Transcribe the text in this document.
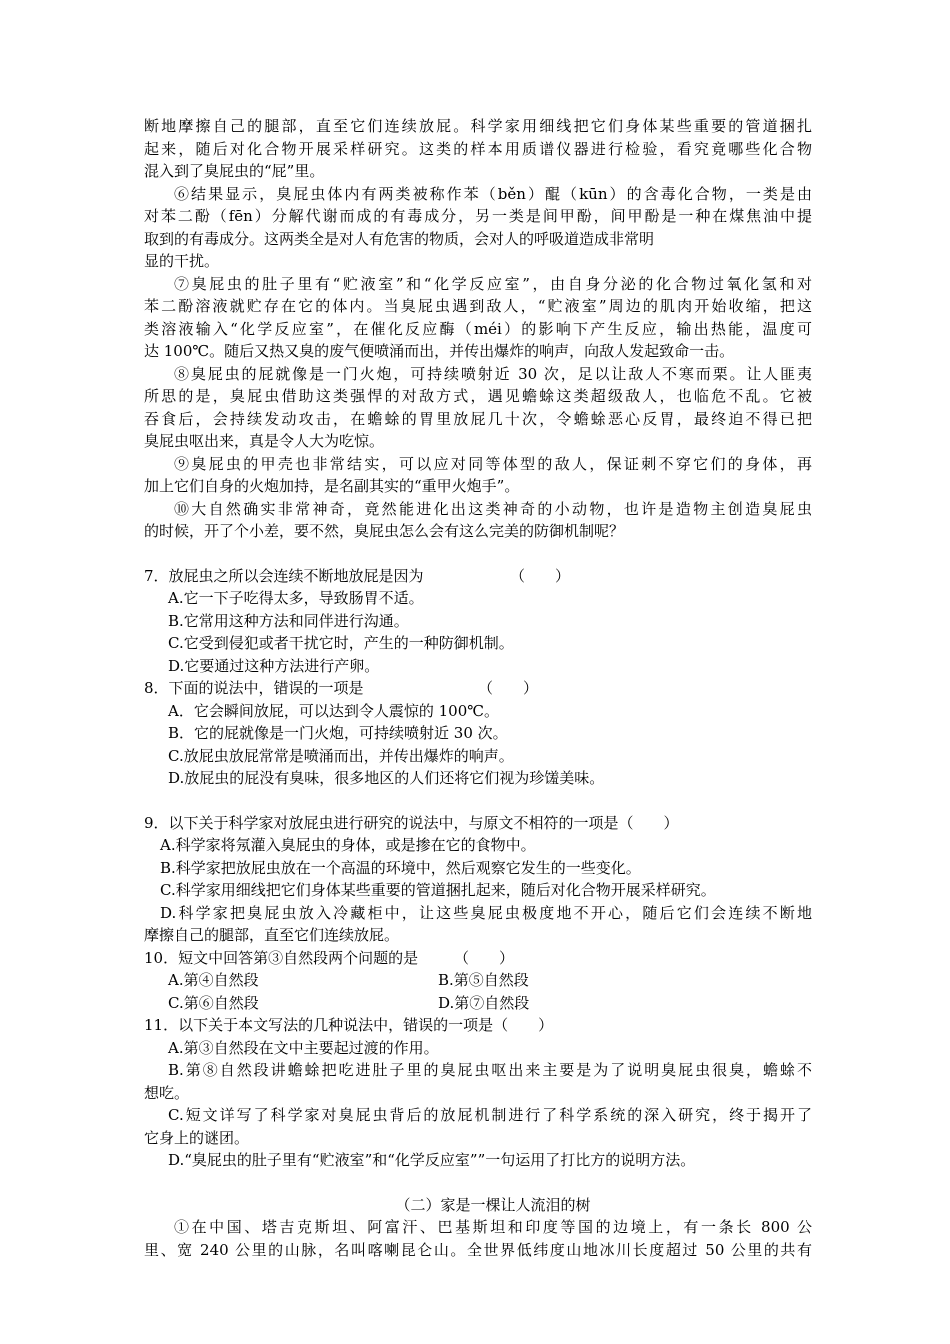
断地摩擦自己的腿部，直至它们连续放屁。科学家用细线把它们身体某些重要的管道捆扎
起来，随后对化合物开展采样研究。这类的样本用质谱仪器进行检验，看究竟哪些化合物
混入到了臭屁虫的“屁”里。
⑥结果显示，臭屁虫体内有两类被称作苯（běn）醌（kūn）的含毒化合物，一类是由
对苯二酚（fēn）分解代谢而成的有毒成分，另一类是间甲酚，间甲酚是一种在煤焦油中提
取到的有毒成分。这两类全是对人有危害的物质，会对人的呼吸道造成非常明
显的干扰。
⑦臭屁虫的肚子里有“贮液室”和“化学反应室”，由自身分泌的化合物过氧化氢和对
苯二酚溶液就贮存在它的体内。当臭屁虫遇到敌人，“贮液室”周边的肌肉开始收缩，把这
类溶液输入“化学反应室”，在催化反应酶（méi）的影响下产生反应，输出热能，温度可
达 100℃。随后又热又臭的废气便喷涌而出，并传出爆炸的响声，向敌人发起致命一击。
⑧臭屁虫的屁就像是一门火炮，可持续喷射近 30 次，足以让敌人不寒而栗。让人匪夷
所思的是，臭屁虫借助这类强悍的对敌方式，遇见蟾蜍这类超级敌人，也临危不乱。它被
吞食后，会持续发动攻击，在蟾蜍的胃里放屁几十次，令蟾蜍恶心反胃，最终迫不得已把
臭屁虫呕出来，真是令人大为吃惊。
⑨臭屁虫的甲壳也非常结实，可以应对同等体型的敌人，保证刺不穿它们的身体，再
加上它们自身的火炮加持，是名副其实的“重甲火炮手”。
⑩大自然确实非常神奇，竟然能进化出这类神奇的小动物，也许是造物主创造臭屁虫
的时候，开了个小差，要不然，臭屁虫怎么会有这么完美的防御机制呢？
7．放屁虫之所以会连续不断地放屁是因为	（　　）
A.它一下子吃得太多，导致肠胃不适。
B.它常用这种方法和同伴进行沟通。
C.它受到侵犯或者干扰它时，产生的一种防御机制。
D.它要通过这种方法进行产卵。
8．下面的说法中，错误的一项是	（　　）
A．它会瞬间放屁，可以达到令人震惊的 100℃。
B．它的屁就像是一门火炮，可持续喷射近 30 次。
C.放屁虫放屁常常是喷涌而出，并传出爆炸的响声。
D.放屁虫的屁没有臭味，很多地区的人们还将它们视为珍馐美味。
9．以下关于科学家对放屁虫进行研究的说法中，与原文不相符的一项是（　　）
A.科学家将氖灌入臭屁虫的身体，或是掺在它的食物中。
B.科学家把放屁虫放在一个高温的环境中，然后观察它发生的一些变化。
C.科学家用细线把它们身体某些重要的管道捆扎起来，随后对化合物开展采样研究。
D.科学家把臭屁虫放入冷藏柜中，让这些臭屁虫极度地不开心，随后它们会连续不断地
摩擦自己的腿部，直至它们连续放屁。
10．短文中回答第③自然段两个问题的是 （　　）
A.第④自然段	B.第⑤自然段
C.第⑥自然段	D.第⑦自然段
11．以下关于本文写法的几种说法中，错误的一项是（　　）
A.第③自然段在文中主要起过渡的作用。
B.第⑧自然段讲蟾蜍把吃进肚子里的臭屁虫呕出来主要是为了说明臭屁虫很臭，蟾蜍不
想吃。
C.短文详写了科学家对臭屁虫背后的放屁机制进行了科学系统的深入研究，终于揭开了
它身上的谜团。
D.“臭屁虫的肚子里有“贮液室”和“化学反应室””一句运用了打比方的说明方法。
（二）家是一棵让人流泪的树
①在中国、塔吉克斯坦、阿富汗、巴基斯坦和印度等国的边境上，有一条长 800 公
里、宽 240 公里的山脉，名叫喀喇昆仑山。全世界低纬度山地冰川长度超过 50 公里的共有
